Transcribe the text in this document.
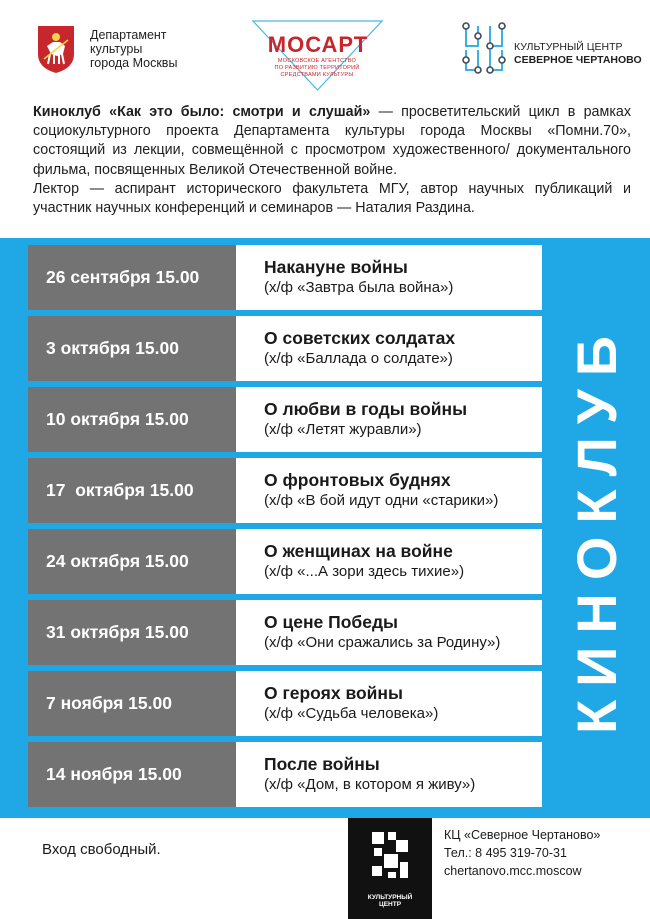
Департамент
культуры
города Москвы
МОСАРТ
МОСКОВСКОЕ АГЕНТСТВО
ПО РАЗВИТИЮ ТЕРРИТОРИЙ
СРЕДСТВАМИ КУЛЬТУРЫ
КУЛЬТУРНЫЙ ЦЕНТР
СЕВЕРНОЕ ЧЕРТАНОВО

Киноклуб «Как это было: смотри и слушай» — просветительский цикл в рамках социокультурного проекта Департамента культуры города Москвы «Помни.70», состоящий из лекции, совмещённой с просмотром художественного/ документального фильма, посвященных Великой Отечественной войне.

Лектор — аспирант исторического факультета МГУ, автор научных публикаций и участник научных конференций и семинаров — Наталия Раздина.

КИНОКЛУБ
26 сентября 15.00	Накануне войны
(х/ф «Завтра была война»)
3 октября 15.00	О советских солдатах
(х/ф «Баллада о солдате»)
10 октября 15.00	О любви в годы войны
(х/ф «Летят журавли»)
17  октября 15.00	О фронтовых буднях
(х/ф «В бой идут одни «старики»)
24 октября 15.00	О женщинах на войне
(х/ф «...А зори здесь тихие»)
31 октября 15.00	О цене Победы
(х/ф «Они сражались за Родину»)
7 ноября 15.00	О героях войны
(х/ф «Судьба человека»)
14 ноября 15.00	После войны
(х/ф «Дом, в котором я живу»)
Вход свободный.
КУЛЬТУРНЫЙ
ЦЕНТР
КЦ «Северное Чертаново»
Тел.: 8 495 319-70-31
chertanovo.mcc.moscow
